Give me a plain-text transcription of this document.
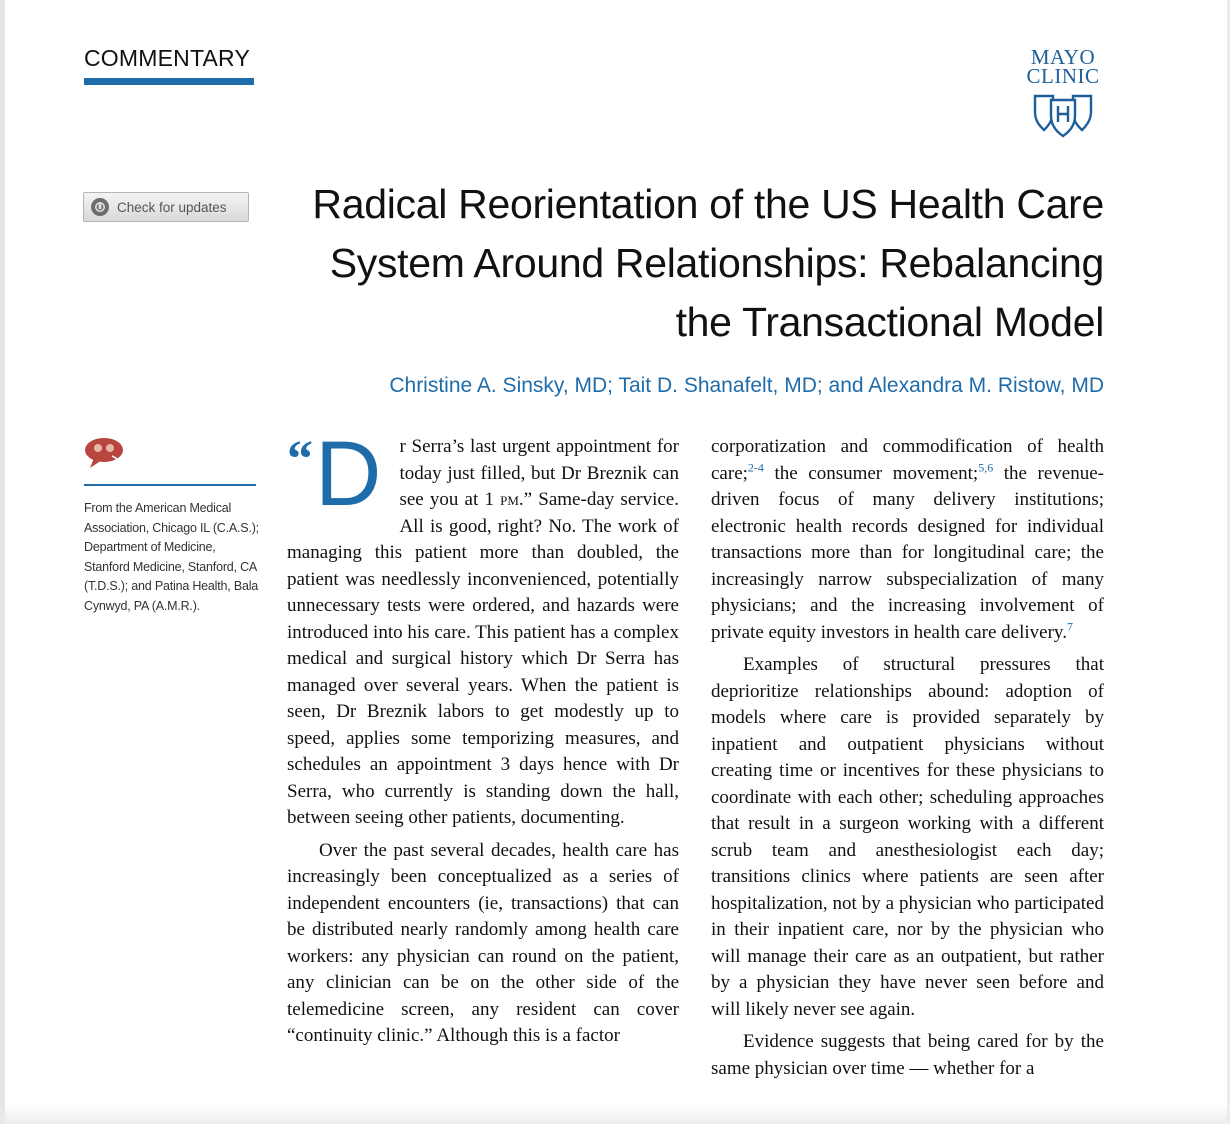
COMMENTARY	MAYO
CLINIC
Check for updates	Radical Reorientation of the US Health Care
System Around Relationships: Rebalancing
the Transactional Model
Christine A. Sinsky, MD; Tait D. Shanafelt, MD; and Alexandra M. Ristow, MD
From the American Medical Association, Chicago IL (C.A.S.); Department of Medicine, Stanford Medicine, Stanford, CA (T.D.S.); and Patina Health, Bala Cynwyd, PA (A.M.R.).

“ D r Serra’s last urgent appointment for today just filled, but Dr Breznik can see you at 1 pm.” Same-day service. All is good, right? No. The work of managing this patient more than doubled, the patient was needlessly inconvenienced, potentially unnecessary tests were ordered, and hazards were introduced into his care. This patient has a complex medical and surgical history which Dr Serra has managed over several years. When the patient is seen, Dr Breznik labors to get modestly up to speed, applies some temporizing measures, and schedules an appointment 3 days hence with Dr Serra, who currently is standing down the hall, between seeing other patients, documenting.

Over the past several decades, health care has increasingly been conceptualized as a series of independent encounters (ie, transactions) that can be distributed nearly randomly among health care workers: any physician can round on the patient, any clinician can be on the other side of the telemedicine screen, any resident can cover “continuity clinic.” Although this is a factor

corporatization and commodification of health care;$^{2-4}$ the consumer movement;$^{5,6}$ the revenue-driven focus of many delivery institutions; electronic health records designed for individual transactions more than for longitudinal care; the increasingly narrow subspecialization of many physicians; and the increasing involvement of private equity investors in health care delivery.$^7$

Examples of structural pressures that deprioritize relationships abound: adoption of models where care is provided separately by inpatient and outpatient physicians without creating time or incentives for these physicians to coordinate with each other; scheduling approaches that result in a surgeon working with a different scrub team and anesthesiologist each day; transitions clinics where patients are seen after hospitalization, not by a physician who participated in their inpatient care, nor by the physician who will manage their care as an outpatient, but rather by a physician they have never seen before and will likely never see again.

Evidence suggests that being cared for by the same physician over time — whether for a
